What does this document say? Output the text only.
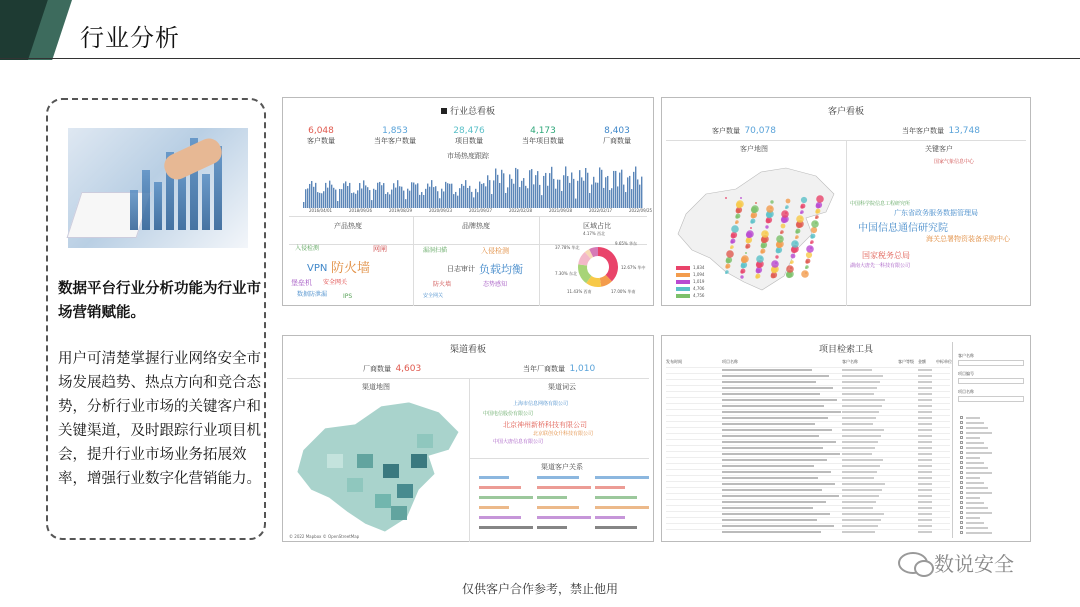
行业分析
数据平台行业分析功能为行业市场营销赋能。
用户可清楚掌握行业网络安全市场发展趋势、热点方向和竞合态势，分析行业市场的关键客户和关键渠道，及时跟踪行业项目机会，提升行业市场业务拓展效率，增强行业数字化营销能力。
行业总看板
6,048
客户数量
1,853
当年客户数量
28,476
项目数量
4,173
当年项目数量
8,403
厂商数量
市场热度跟踪
2016/04/01	2018/09/26	2019/08/29	2020/09/23	2021/09/27	2022/02/28	2021/09/28	2022/02/17	2022/09/25
产品热度	品牌热度	区域占比
防火墙
VPN
网闸
入侵检测
堡垒机 安全网关
数据防泄漏	IPS
负载均衡
入侵检测
日志审计
漏洞扫描
防火墙	态势感知
安全网关
37.78% 华北
9.65% 华东
12.67% 华中
17.00% 华南
11.43% 西南
4.17% 西北
7.30% 东北
客户看板
客户数量 70,078	当年客户数量 13,748
客户地图	关键客户
1,834
1,094
1,019
4,706
4,756
中国信息通信研究院
国家税务总局
广东省政务服务数据管理局
海关总署物资装备采购中心
中国科学院信息工程研究所
国家气象信息中心
湖南大唐先一科技有限公司
渠道看板
厂商数量 4,603	当年厂商数量 1,010
渠道地图	渠道词云
渠道客户关系
© 2022 Mapbox © OpenStreetMap
北京神州新桥科技有限公司
上海市信息网络有限公司
中国电信股份有限公司
北京联创众升科技有限公司
中国大唐信息有限公司
项目检索工具
发布时间	项目名称	客户名称	客户等级 金额	中标单位
客户名称
项目编号
项目名称
数说安全
仅供客户合作参考，禁止他用
